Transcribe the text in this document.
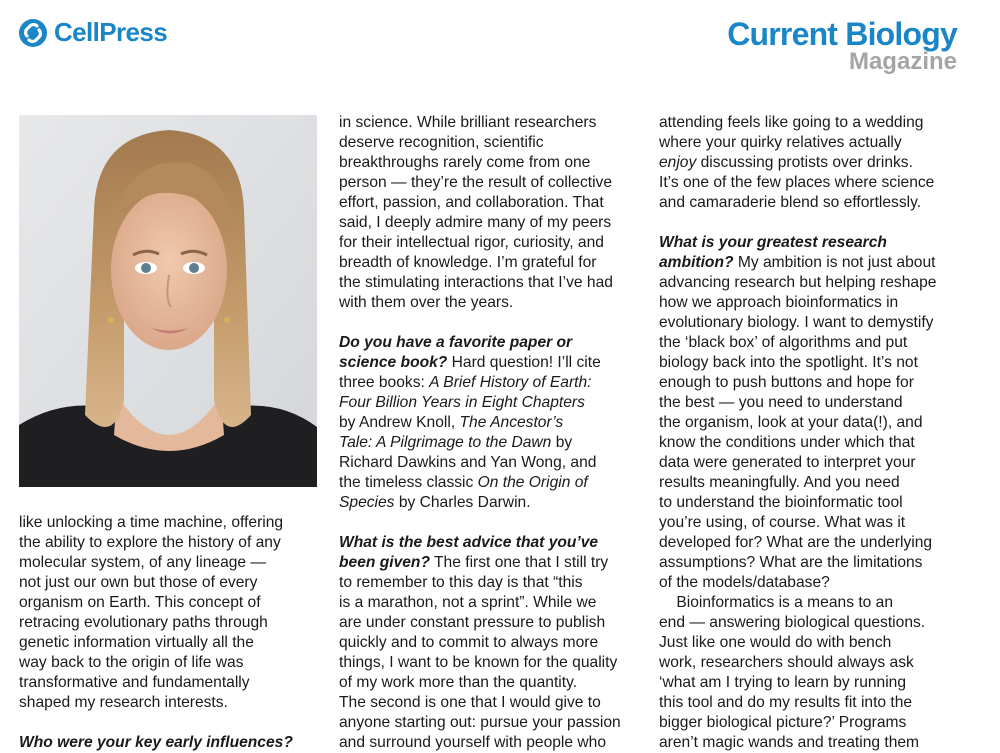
CellPress	Current Biology
Magazine
like unlocking a time machine, offering
the ability to explore the history of any
molecular system, of any lineage —
not just our own but those of every
organism on Earth. This concept of
retracing evolutionary paths through
genetic information virtually all the
way back to the origin of life was
transformative and fundamentally
shaped my research interests.
Who were your key early influences?
in science. While brilliant researchers
deserve recognition, scientific
breakthroughs rarely come from one
person — they’re the result of collective
effort, passion, and collaboration. That
said, I deeply admire many of my peers
for their intellectual rigor, curiosity, and
breadth of knowledge. I’m grateful for
the stimulating interactions that I’ve had
with them over the years.
Do you have a favorite paper or
science book? Hard question! I’ll cite
three books: A Brief History of Earth:
Four Billion Years in Eight Chapters
by Andrew Knoll, The Ancestor’s
Tale: A Pilgrimage to the Dawn by
Richard Dawkins and Yan Wong, and
the timeless classic On the Origin of
Species by Charles Darwin.
What is the best advice that you’ve
been given? The first one that I still try
to remember to this day is that “this
is a marathon, not a sprint”. While we
are under constant pressure to publish
quickly and to commit to always more
things, I want to be known for the quality
of my work more than the quantity.
The second is one that I would give to
anyone starting out: pursue your passion
and surround yourself with people who
attending feels like going to a wedding
where your quirky relatives actually
enjoy discussing protists over drinks.
It’s one of the few places where science
and camaraderie blend so effortlessly.
What is your greatest research
ambition? My ambition is not just about
advancing research but helping reshape
how we approach bioinformatics in
evolutionary biology. I want to demystify
the ‘black box’ of algorithms and put
biology back into the spotlight. It’s not
enough to push buttons and hope for
the best — you need to understand
the organism, look at your data(!), and
know the conditions under which that
data were generated to interpret your
results meaningfully. And you need
to understand the bioinformatic tool
you’re using, of course. What was it
developed for? What are the underlying
assumptions? What are the limitations
of the models/database?
Bioinformatics is a means to an
end — answering biological questions.
Just like one would do with bench
work, researchers should always ask
‘what am I trying to learn by running
this tool and do my results fit into the
bigger biological picture?’ Programs
aren’t magic wands and treating them
